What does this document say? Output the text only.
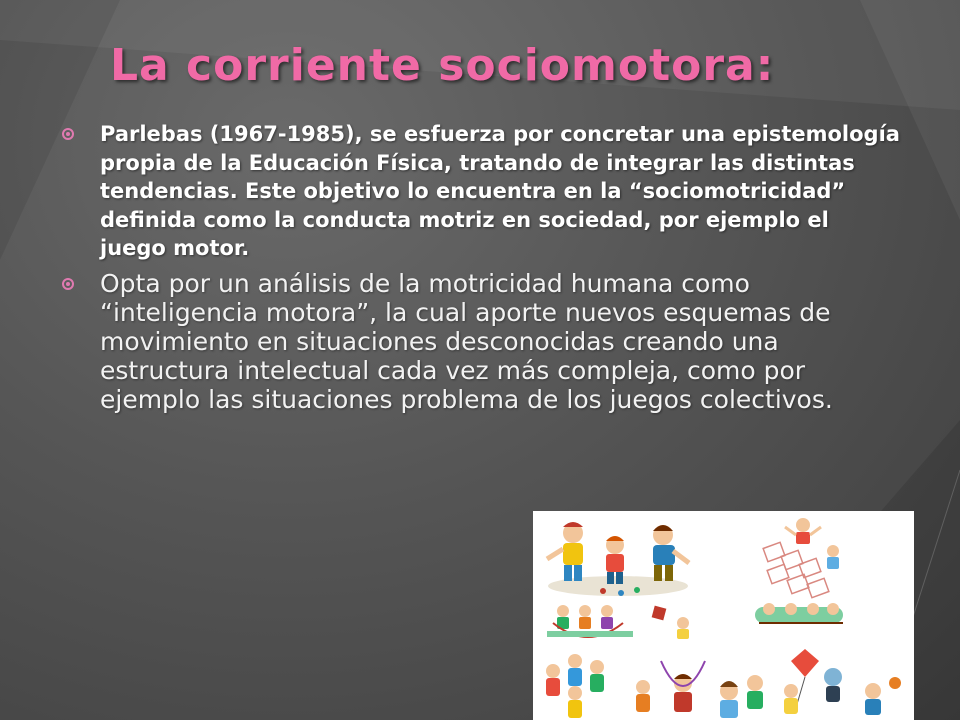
La corriente sociomotora:
Parlebas (1967-1985), se esfuerza por concretar una epistemología propia de la Educación Física, tratando de integrar las distintas tendencias. Este objetivo lo encuentra en la “sociomotricidad” definida como la conducta motriz en sociedad, por ejemplo el juego motor.
Opta por un análisis de la motricidad humana como “inteligencia motora”, la cual aporte nuevos esquemas de movimiento en situaciones desconocidas creando una estructura intelectual cada vez más compleja, como por ejemplo las situaciones problema de los juegos colectivos.
